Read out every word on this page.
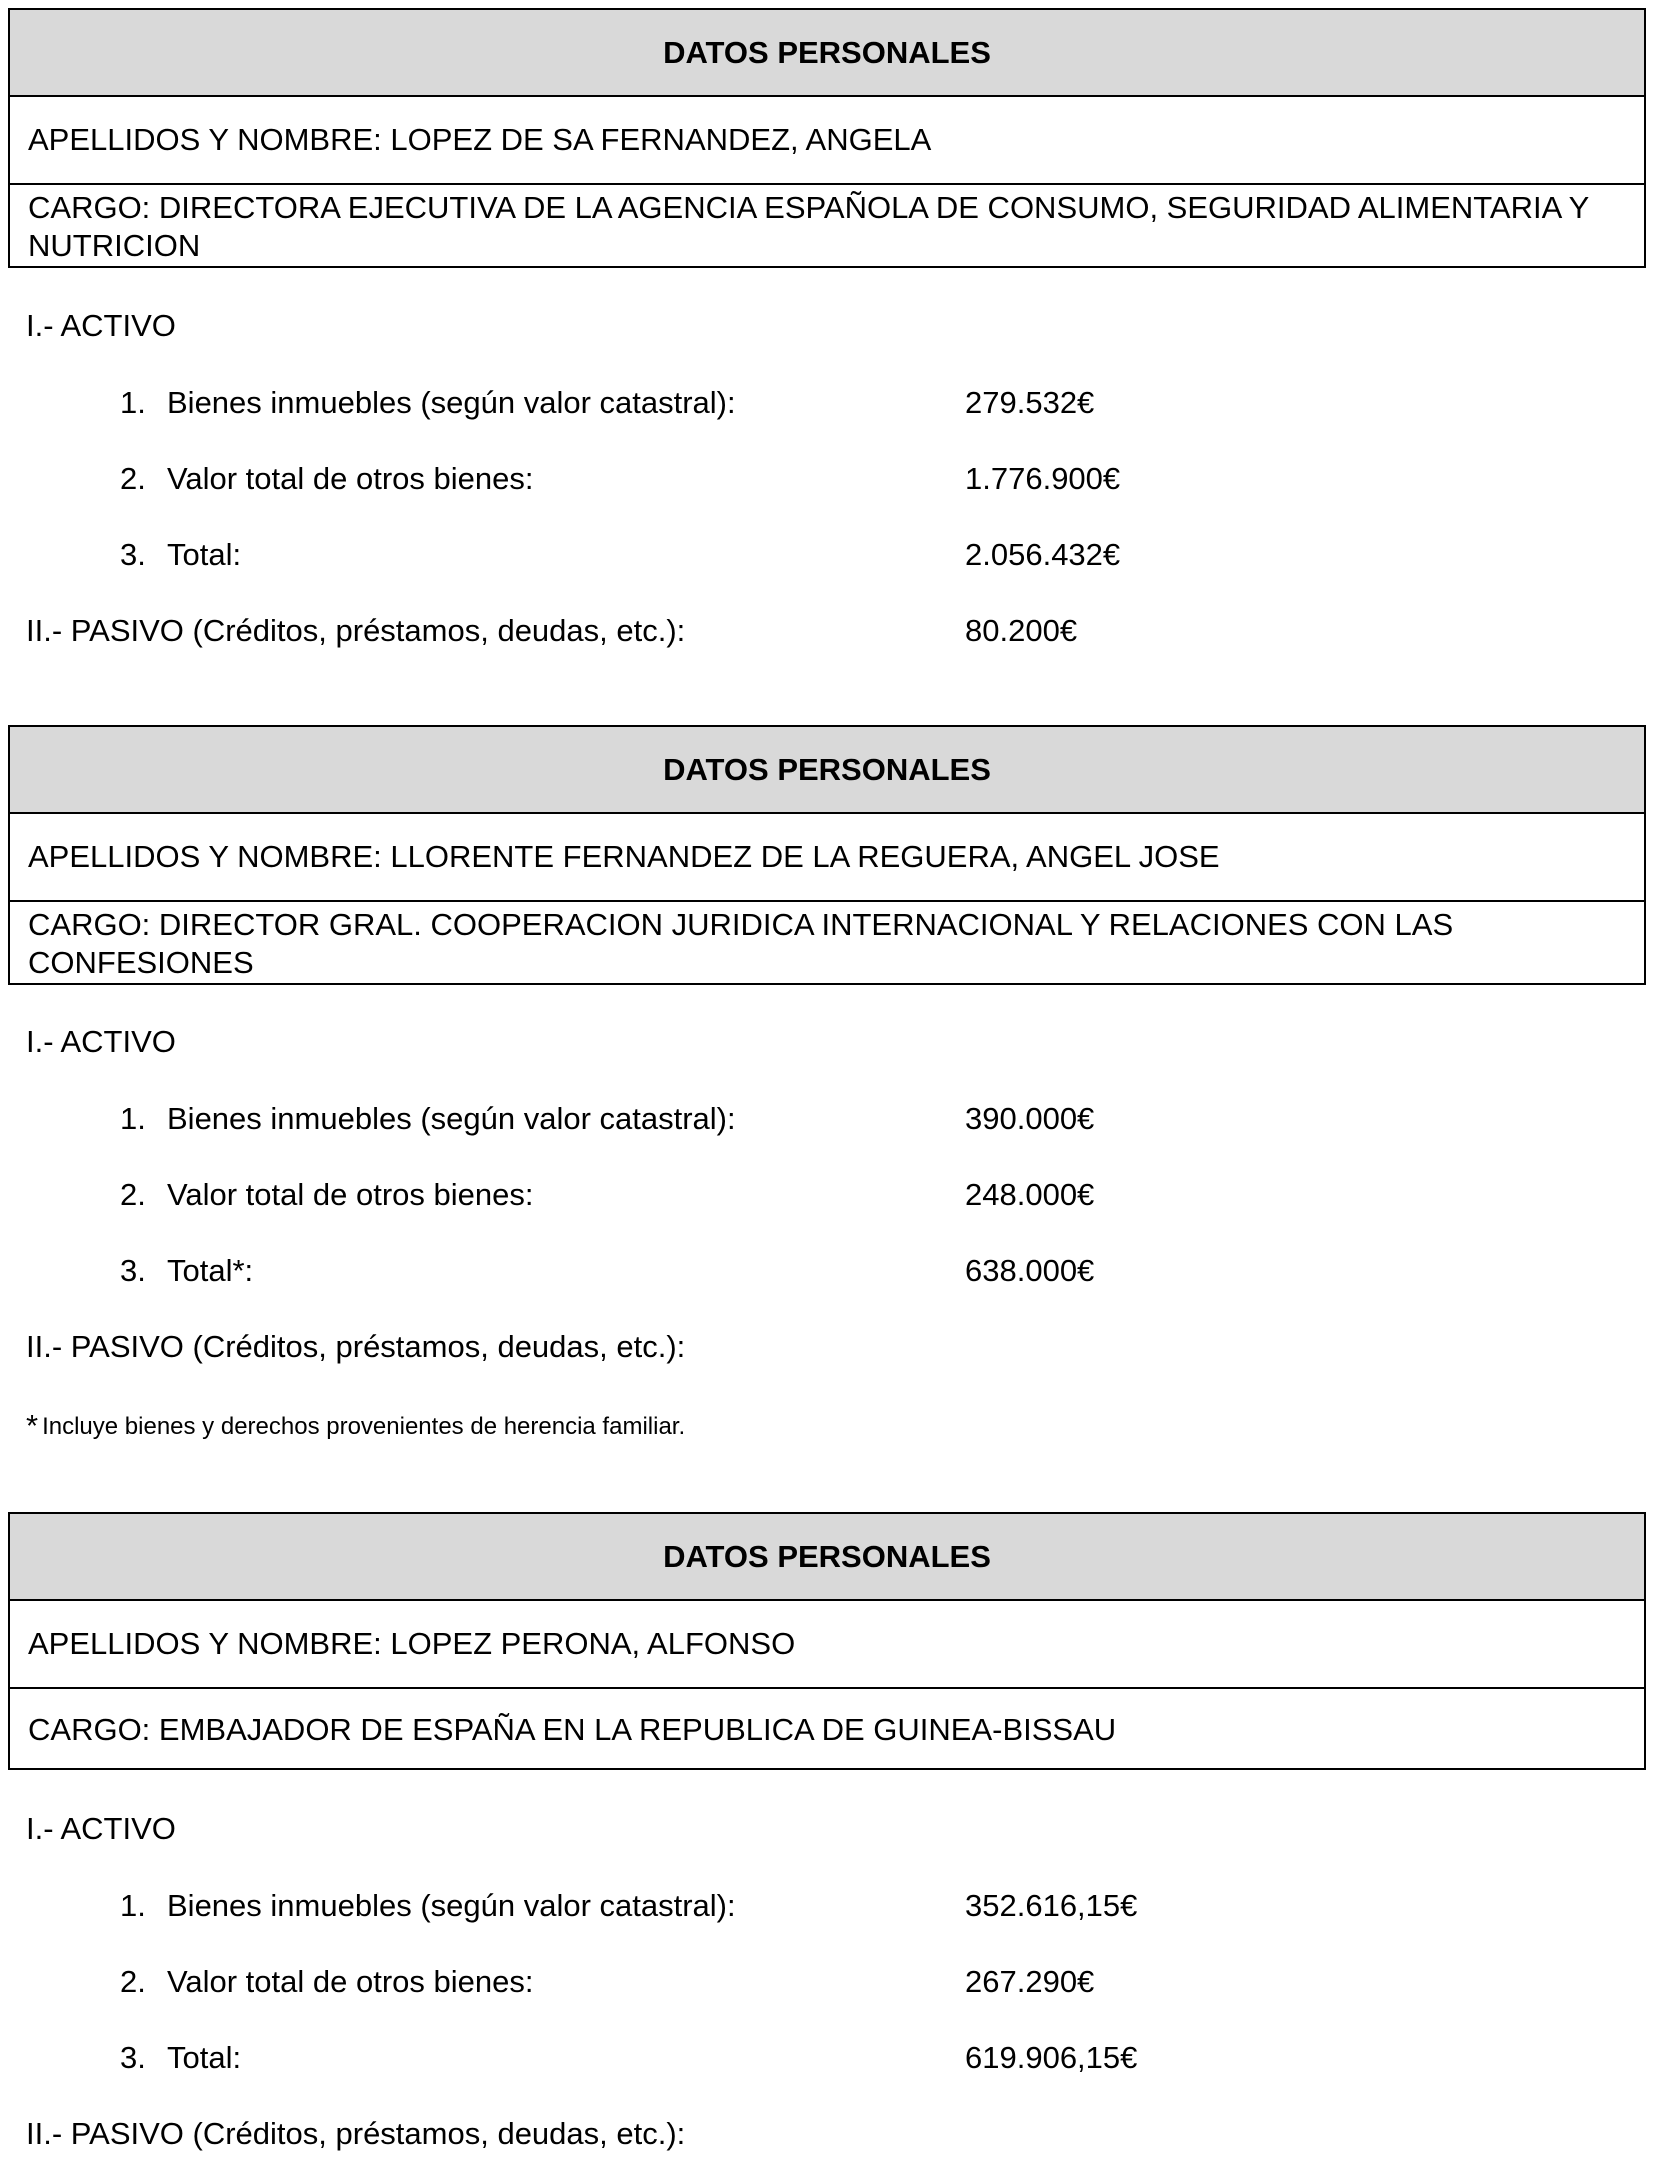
DATOS PERSONALES
APELLIDOS Y NOMBRE: LOPEZ DE SA FERNANDEZ, ANGELA
CARGO: DIRECTORA EJECUTIVA DE LA AGENCIA ESPAÑOLA DE CONSUMO, SEGURIDAD ALIMENTARIA Y NUTRICION
I.- ACTIVO
1. Bienes inmuebles (según valor catastral):	279.532€
2. Valor total de otros bienes:	1.776.900€
3. Total:	2.056.432€
II.- PASIVO (Créditos, préstamos, deudas, etc.):	80.200€
DATOS PERSONALES
APELLIDOS Y NOMBRE: LLORENTE FERNANDEZ DE LA REGUERA, ANGEL JOSE
CARGO: DIRECTOR GRAL. COOPERACION JURIDICA INTERNACIONAL Y RELACIONES CON LAS CONFESIONES
I.- ACTIVO
1. Bienes inmuebles (según valor catastral):	390.000€
2. Valor total de otros bienes:	248.000€
3. Total*:	638.000€
II.- PASIVO (Créditos, préstamos, deudas, etc.):
* Incluye bienes y derechos provenientes de herencia familiar.
DATOS PERSONALES
APELLIDOS Y NOMBRE: LOPEZ PERONA, ALFONSO
CARGO: EMBAJADOR DE ESPAÑA EN LA REPUBLICA DE GUINEA-BISSAU
I.- ACTIVO
1. Bienes inmuebles (según valor catastral):	352.616,15€
2. Valor total de otros bienes:	267.290€
3. Total:	619.906,15€
II.- PASIVO (Créditos, préstamos, deudas, etc.):
